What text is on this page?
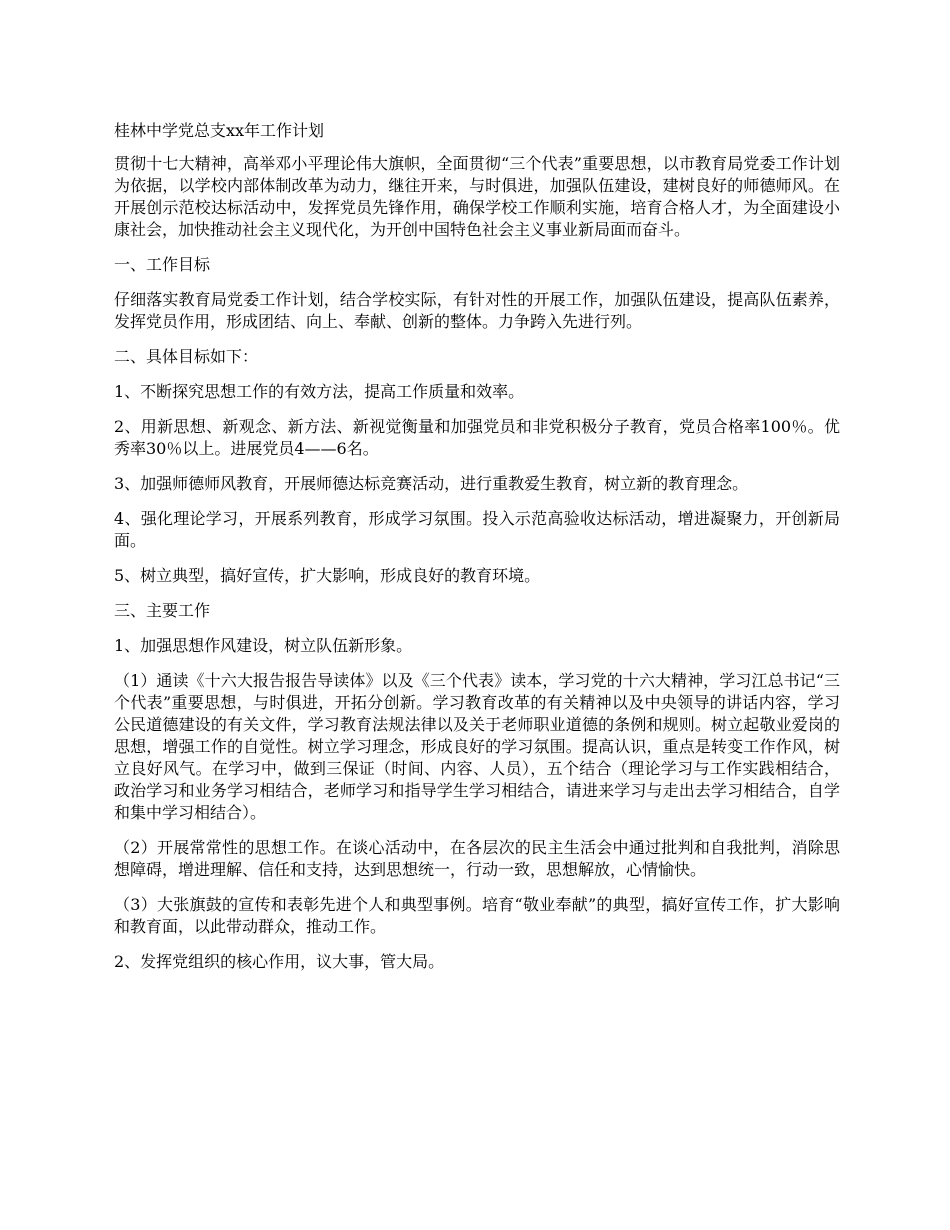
桂林中学党总支xx年工作计划

贯彻十七大精神，高举邓小平理论伟大旗帜，全面贯彻“三个代表”重要思想，以市教育局党委工作计划为依据，以学校内部体制改革为动力，继往开来，与时俱进，加强队伍建设，建树良好的师德师风。在开展创示范校达标活动中，发挥党员先锋作用，确保学校工作顺利实施，培育合格人才，为全面建设小康社会，加快推动社会主义现代化，为开创中国特色社会主义事业新局面而奋斗。

一、工作目标

仔细落实教育局党委工作计划，结合学校实际，有针对性的开展工作，加强队伍建设，提高队伍素养，发挥党员作用，形成团结、向上、奉献、创新的整体。力争跨入先进行列。

二、具体目标如下：

1、不断探究思想工作的有效方法，提高工作质量和效率。

2、用新思想、新观念、新方法、新视觉衡量和加强党员和非党积极分子教育，党员合格率100％。优秀率30％以上。进展党员4——6名。

3、加强师德师风教育，开展师德达标竞赛活动，进行重教爱生教育，树立新的教育理念。

4、强化理论学习，开展系列教育，形成学习氛围。投入示范高验收达标活动，增进凝聚力，开创新局面。

5、树立典型，搞好宣传，扩大影响，形成良好的教育环境。

三、主要工作

1、加强思想作风建设，树立队伍新形象。

（1）通读《十六大报告报告导读体》以及《三个代表》读本，学习党的十六大精神，学习江总书记“三个代表”重要思想，与时俱进，开拓分创新。学习教育改革的有关精神以及中央领导的讲话内容，学习公民道德建设的有关文件，学习教育法规法律以及关于老师职业道德的条例和规则。树立起敬业爱岗的思想，增强工作的自觉性。树立学习理念，形成良好的学习氛围。提高认识，重点是转变工作作风，树立良好风气。在学习中，做到三保证（时间、内容、人员），五个结合（理论学习与工作实践相结合，政治学习和业务学习相结合，老师学习和指导学生学习相结合，请进来学习与走出去学习相结合，自学和集中学习相结合）。

（2）开展常常性的思想工作。在谈心活动中，在各层次的民主生活会中通过批判和自我批判，消除思想障碍，增进理解、信任和支持，达到思想统一，行动一致，思想解放，心情愉快。

（3）大张旗鼓的宣传和表彰先进个人和典型事例。培育“敬业奉献”的典型，搞好宣传工作，扩大影响和教育面，以此带动群众，推动工作。

2、发挥党组织的核心作用，议大事，管大局。
